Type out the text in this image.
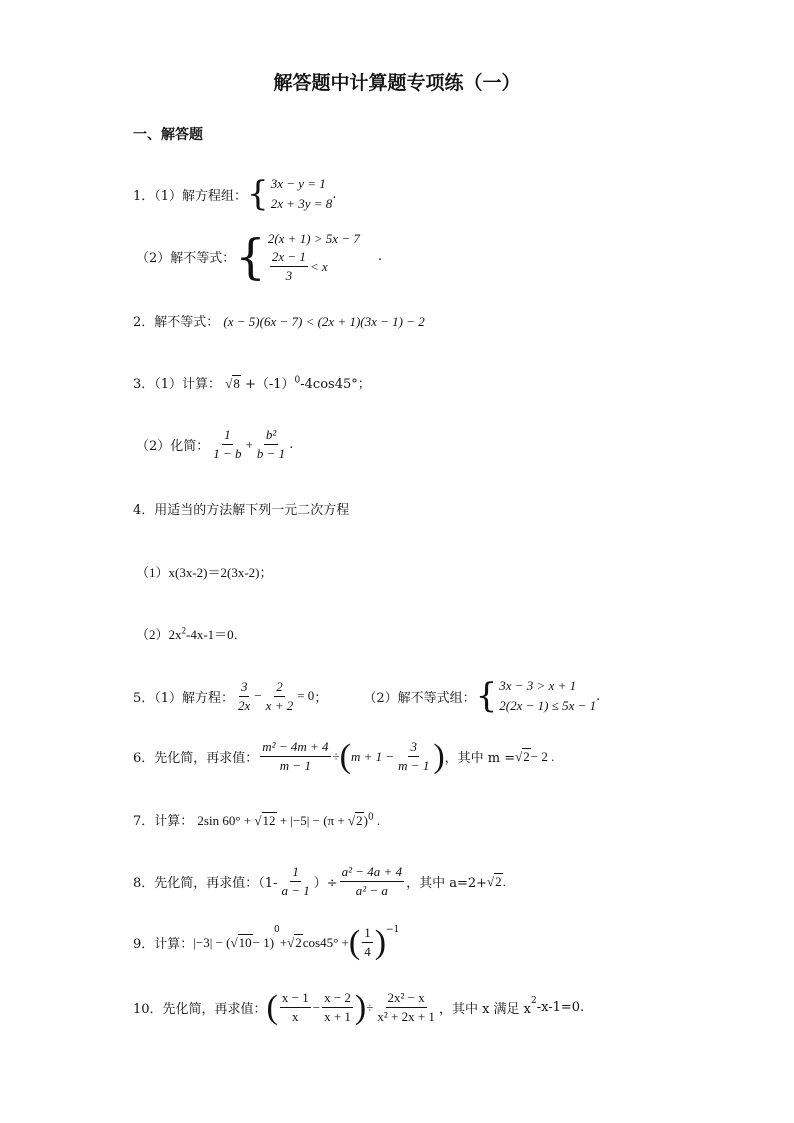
解答题中计算题专项练（一）
一、解答题
1．（1）解方程组： { 3x − y = 1
2x + 3y = 8
.
（2）解不等式： { 2(x + 1) > 5x − 7
$\frac{2x - 1}{3} < x$
.
2．解不等式： (x − 5)(6x − 7) < (2x + 1)(3x − 1) − 2
3．（1）计算： $√8 +(-1)^0-4\cos 45^\circ$；
（2）化简： $\frac{1}{1 - b} + \frac{\text{b²}}{b - 1}$ .
4．用适当的方法解下列一元二次方程
（1）x(3x-2)＝2(3x-2)；
$(2)2x^2-4x-1=0$．
5．（1）解方程： $\frac{3}{2x} - \frac{2}{x + 2} = 0$ ；	（2）解不等式组： { 3x − 3 > x + 1
2(2x − 1) ≤ 5x − 1
.
6．先化简，再求值： $\frac{\text{m² − 4m + 4}}{m - 1}$ ÷ ( $m + 1 - \frac{3}{m - 1}$ ) ，其中 m = √2 − 2 .
7．计算： 2sin $60^\circ + √12 + |-5| - (\pi + √2)^0$ .
8．先化简，再求值：（$1- \frac{1}{a - 1}$ ）÷ $\frac{\text{a² − 4a + 4}}{\text{a² − a}}$ ，其中 a=2+ √2 .
9．计算： |−3| − ( √10 − 1)
$^0$
+ √2 cos45° + ( $\frac{1}{4} )^{-1}$
10．先化简，再求值： ( $\frac{x - 1}{x} - \frac{x - 2}{x + 1}$ ) ÷ $\frac{\text{2x² − x}}{\text{x² + 2x + 1}}$ ，其中 x 满足 x
$^2$ -x-1=0.
